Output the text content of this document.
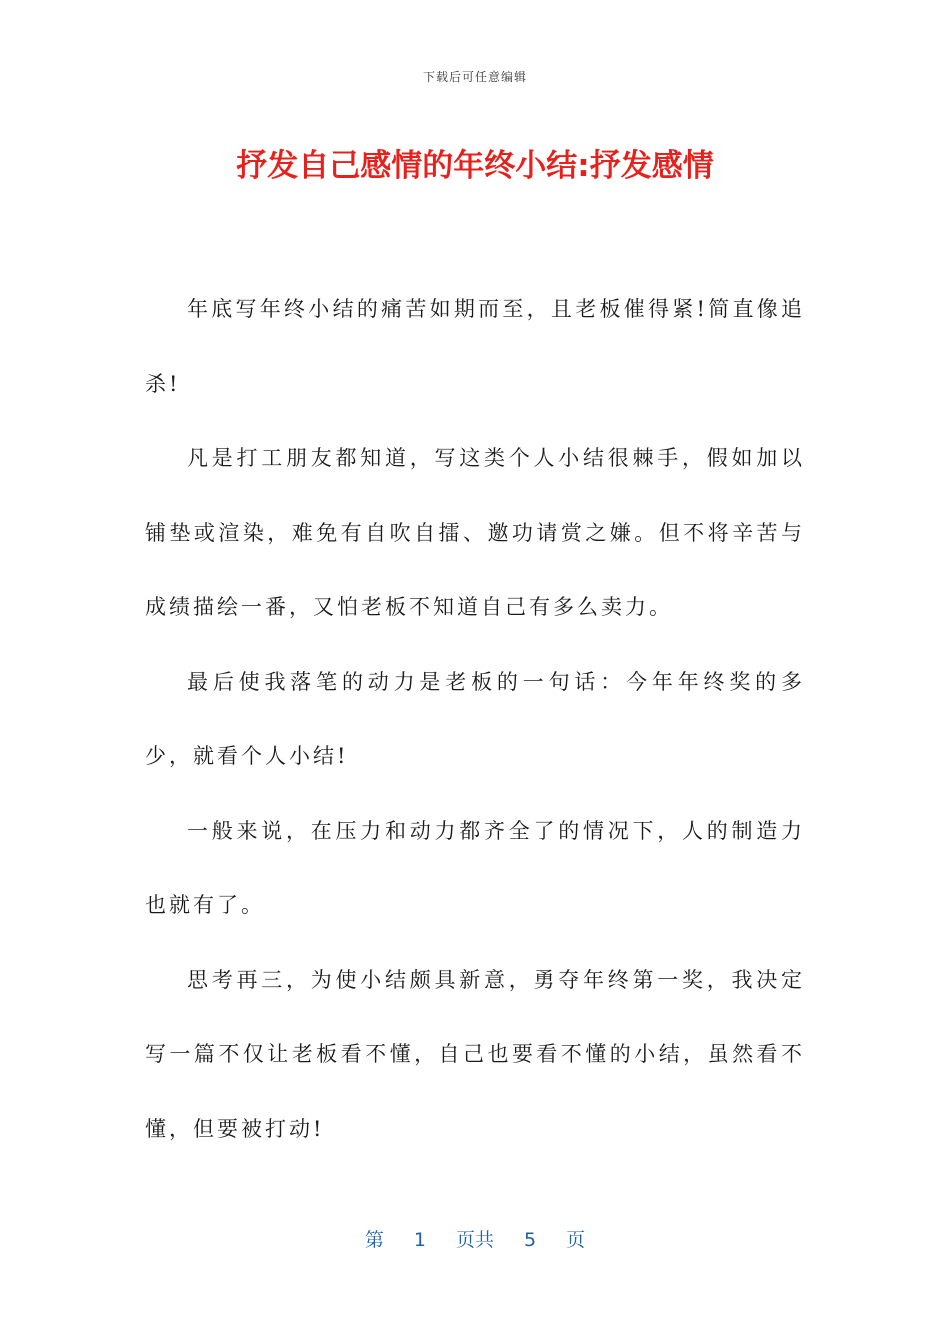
下载后可任意编辑
抒发自己感情的年终小结:抒发感情

年底写年终小结的痛苦如期而至，且老板催得紧!简直像追杀!

凡是打工朋友都知道，写这类个人小结很棘手，假如加以铺垫或渲染，难免有自吹自擂、邀功请赏之嫌。但不将辛苦与成绩描绘一番，又怕老板不知道自己有多么卖力。

最后使我落笔的动力是老板的一句话：今年年终奖的多少，就看个人小结!

一般来说，在压力和动力都齐全了的情况下，人的制造力也就有了。

思考再三，为使小结颇具新意，勇夺年终第一奖，我决定写一篇不仅让老板看不懂，自己也要看不懂的小结，虽然看不懂，但要被打动!

第 1 页共 5 页
